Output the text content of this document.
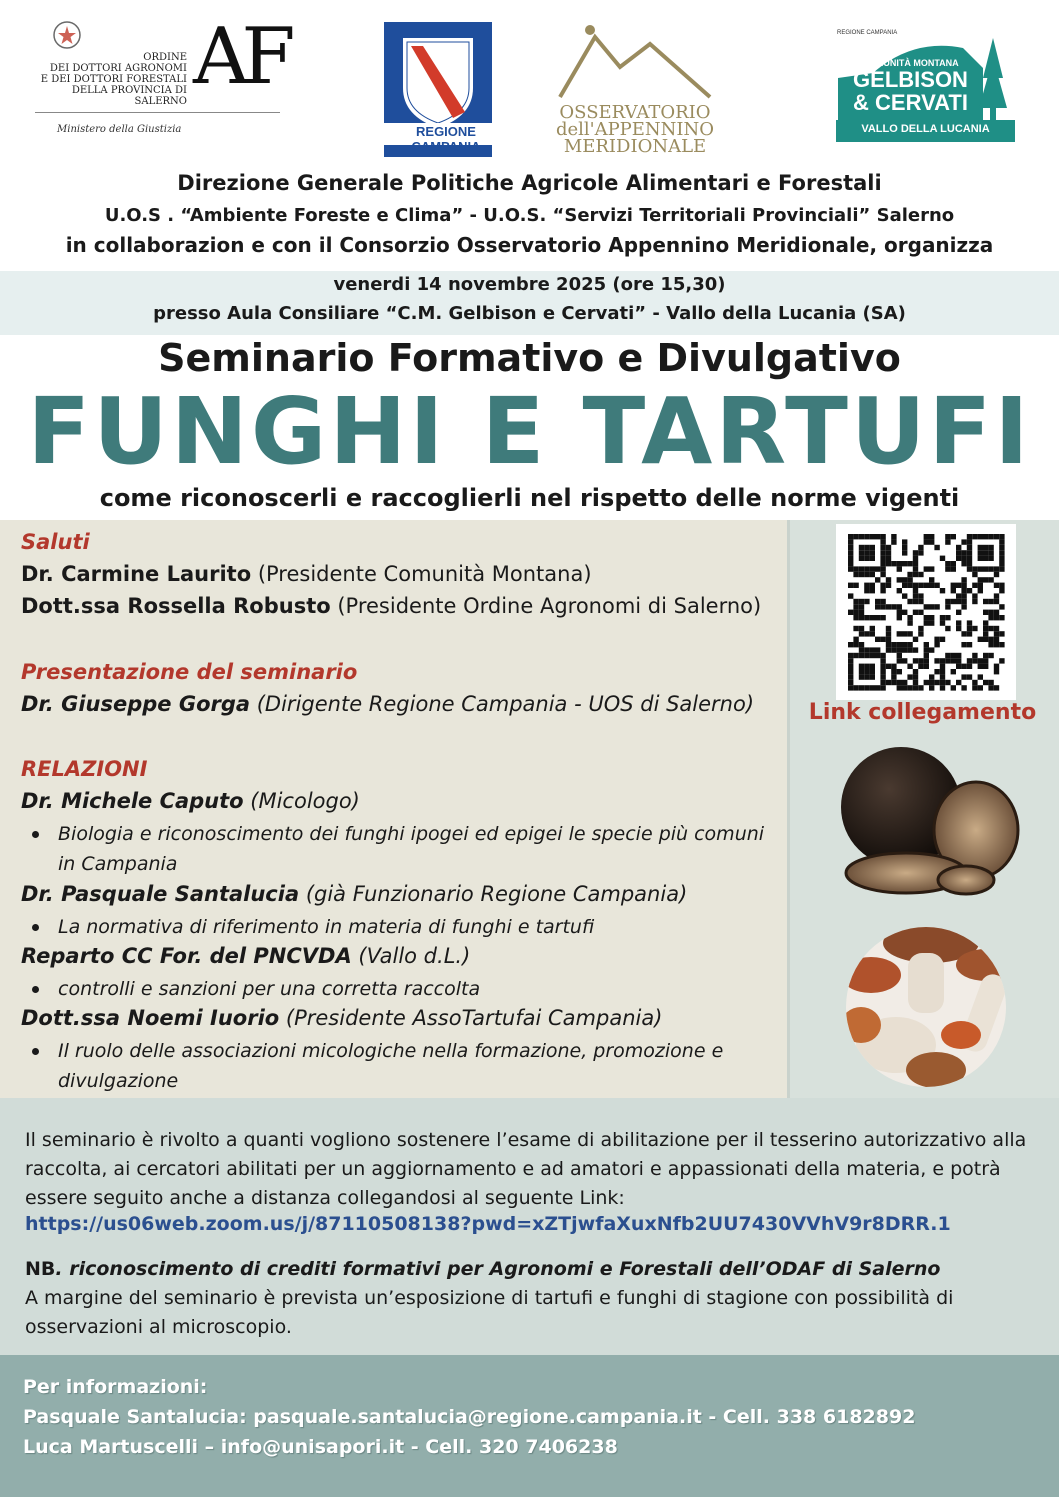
ORDINE
DEI DOTTORI AGRONOMI
E DEI DOTTORI FORESTALI
DELLA PROVINCIA DI SALERNO AF
Ministero della Giustizia	REGIONE CAMPANIA
OSSERVATORIO
dell'APPENNINO
MERIDIONALE
REGIONE CAMPANIA
COMUNITÀ MONTANA
GELBISON
& CERVATI
VALLO DELLA LUCANIA
Direzione Generale Politiche Agricole Alimentari e Forestali
U.O.S . “Ambiente Foreste e Clima” - U.O.S. “Servizi Territoriali Provinciali” Salerno
in collaborazion e con il Consorzio Osservatorio Appennino Meridionale, organizza
venerdi 14 novembre 2025 (ore 15,30)
presso Aula Consiliare “C.M. Gelbison e Cervati” - Vallo della Lucania (SA)
Seminario Formativo e Divulgativo
FUNGHI E TARTUFI
come riconoscerli e raccoglierli nel rispetto delle norme vigenti
Saluti
Dr. Carmine Laurito (Presidente Comunità Montana)
Dott.ssa Rossella Robusto (Presidente Ordine Agronomi di Salerno)
Presentazione del seminario
Dr. Giuseppe Gorga (Dirigente Regione Campania - UOS di Salerno)
RELAZIONI
Dr. Michele Caputo (Micologo)
Biologia e riconoscimento dei funghi ipogei ed epigei le specie più comuni in Campania
Dr. Pasquale Santalucia (già Funzionario Regione Campania)
La normativa di riferimento in materia di funghi e tartufi
Reparto CC For. del PNCVDA (Vallo d.L.)
controlli e sanzioni per una corretta raccolta
Dott.ssa Noemi Iuorio (Presidente AssoTartufai Campania)
Il ruolo delle associazioni micologiche nella formazione, promozione e divulgazione
Link collegamento
Il seminario è rivolto a quanti vogliono sostenere l’esame di abilitazione per il tesserino autorizzativo alla raccolta, ai cercatori abilitati per un aggiornamento e ad amatori e appassionati della materia, e potrà essere seguito anche a distanza collegandosi al seguente Link:
https://us06web.zoom.us/j/87110508138?pwd=xZTjwfaXuxNfb2UU7430VVhV9r8DRR.1
NB. riconoscimento di crediti formativi per Agronomi e Forestali dell’ODAF di Salerno
A margine del seminario è prevista un’esposizione di tartufi e funghi di stagione con possibilità di osservazioni al microscopio.
Per informazioni:
Pasquale Santalucia: pasquale.santalucia@regione.campania.it - Cell. 338 6182892
Luca Martuscelli – info@unisapori.it - Cell. 320 7406238
